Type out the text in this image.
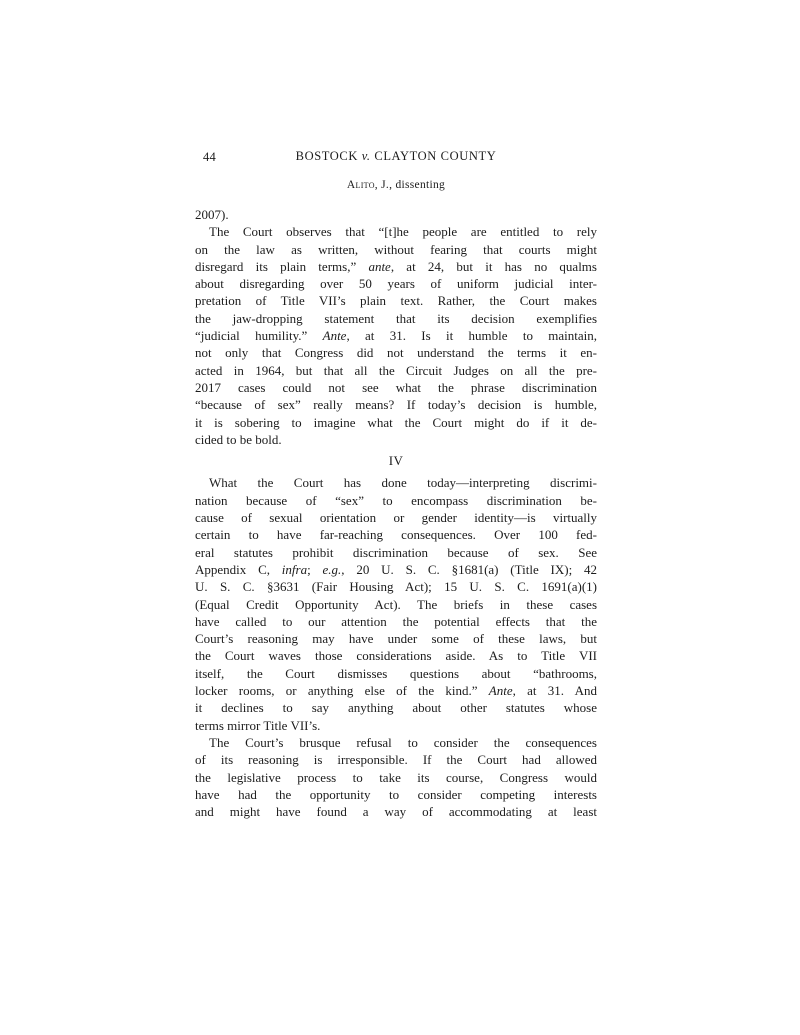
44	BOSTOCK v. CLAYTON COUNTY
Alito, J., dissenting
2007).
The Court observes that “[t]he people are entitled to rely
on the law as written, without fearing that courts might
disregard its plain terms,” ante, at 24, but it has no qualms
about disregarding over 50 years of uniform judicial inter-
pretation of Title VII’s plain text. Rather, the Court makes
the jaw-dropping statement that its decision exemplifies
“judicial humility.” Ante, at 31. Is it humble to maintain,
not only that Congress did not understand the terms it en-
acted in 1964, but that all the Circuit Judges on all the pre-
2017 cases could not see what the phrase discrimination
“because of sex” really means? If today’s decision is humble,
it is sobering to imagine what the Court might do if it de-
cided to be bold.
IV
What the Court has done today—interpreting discrimi-
nation because of “sex” to encompass discrimination be-
cause of sexual orientation or gender identity—is virtually
certain to have far-reaching consequences. Over 100 fed-
eral statutes prohibit discrimination because of sex. See
Appendix C, infra; e.g., 20 U. S. C. §1681(a) (Title IX); 42
U. S. C. §3631 (Fair Housing Act); 15 U. S. C. 1691(a)(1)
(Equal Credit Opportunity Act). The briefs in these cases
have called to our attention the potential effects that the
Court’s reasoning may have under some of these laws, but
the Court waves those considerations aside. As to Title VII
itself, the Court dismisses questions about “bathrooms,
locker rooms, or anything else of the kind.” Ante, at 31. And
it declines to say anything about other statutes whose
terms mirror Title VII’s.
The Court’s brusque refusal to consider the consequences
of its reasoning is irresponsible. If the Court had allowed
the legislative process to take its course, Congress would
have had the opportunity to consider competing interests
and might have found a way of accommodating at least
